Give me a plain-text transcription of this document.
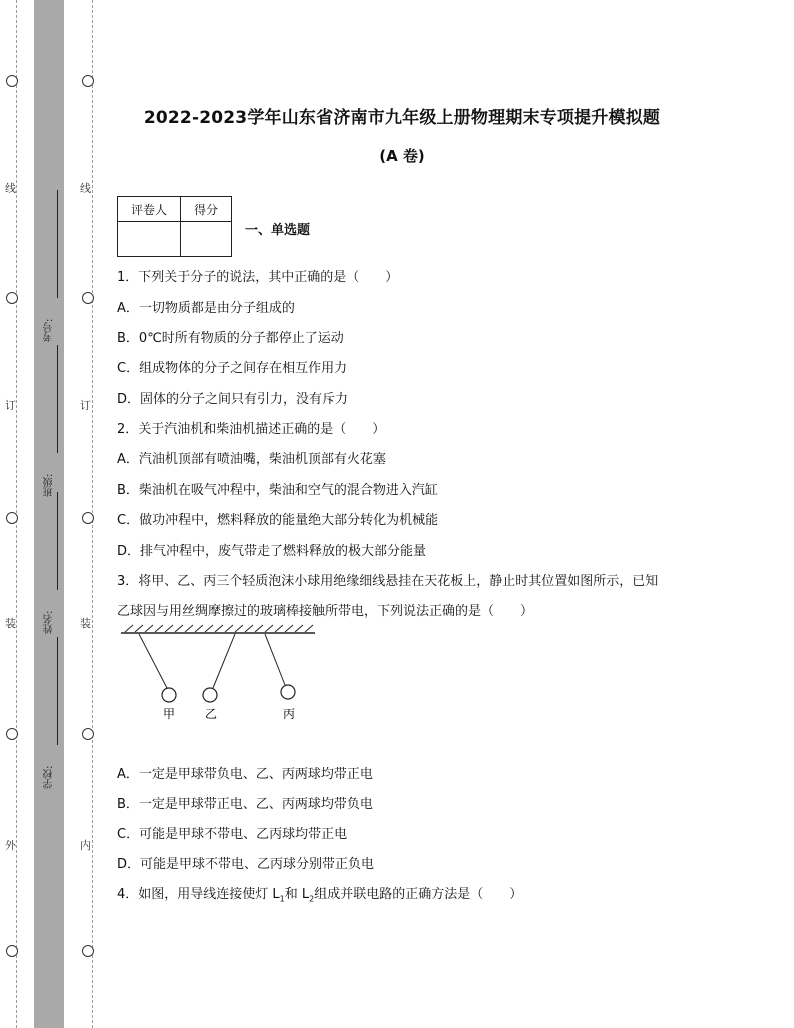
线
订
装
外
考号:
班级:
姓名:
学校:
线
订
装
内
2022-2023学年山东省济南市九年级上册物理期末专项提升模拟题
(A 卷)
评卷人	得分

一、单选题
1．下列关于分子的说法，其中正确的是（　　）
A．一切物质都是由分子组成的
B．0℃时所有物质的分子都停止了运动
C．组成物体的分子之间存在相互作用力
D．固体的分子之间只有引力，没有斥力
2．关于汽油机和柴油机描述正确的是（　　）
A．汽油机顶部有喷油嘴，柴油机顶部有火花塞
B．柴油机在吸气冲程中，柴油和空气的混合物进入汽缸
C．做功冲程中，燃料释放的能量绝大部分转化为机械能
D．排气冲程中，废气带走了燃料释放的极大部分能量
3．将甲、乙、丙三个轻质泡沫小球用绝缘细线悬挂在天花板上，静止时其位置如图所示，已知
乙球因与用丝绸摩擦过的玻璃棒接触所带电，下列说法正确的是（　　）
甲 乙	丙
A．一定是甲球带负电、乙、丙两球均带正电
B．一定是甲球带正电、乙、丙两球均带负电
C．可能是甲球不带电、乙丙球均带正电
D．可能是甲球不带电、乙丙球分别带正负电
4．如图，用导线连接使灯 $L_1$和 $L_2$组成并联电路的正确方法是（　　）
